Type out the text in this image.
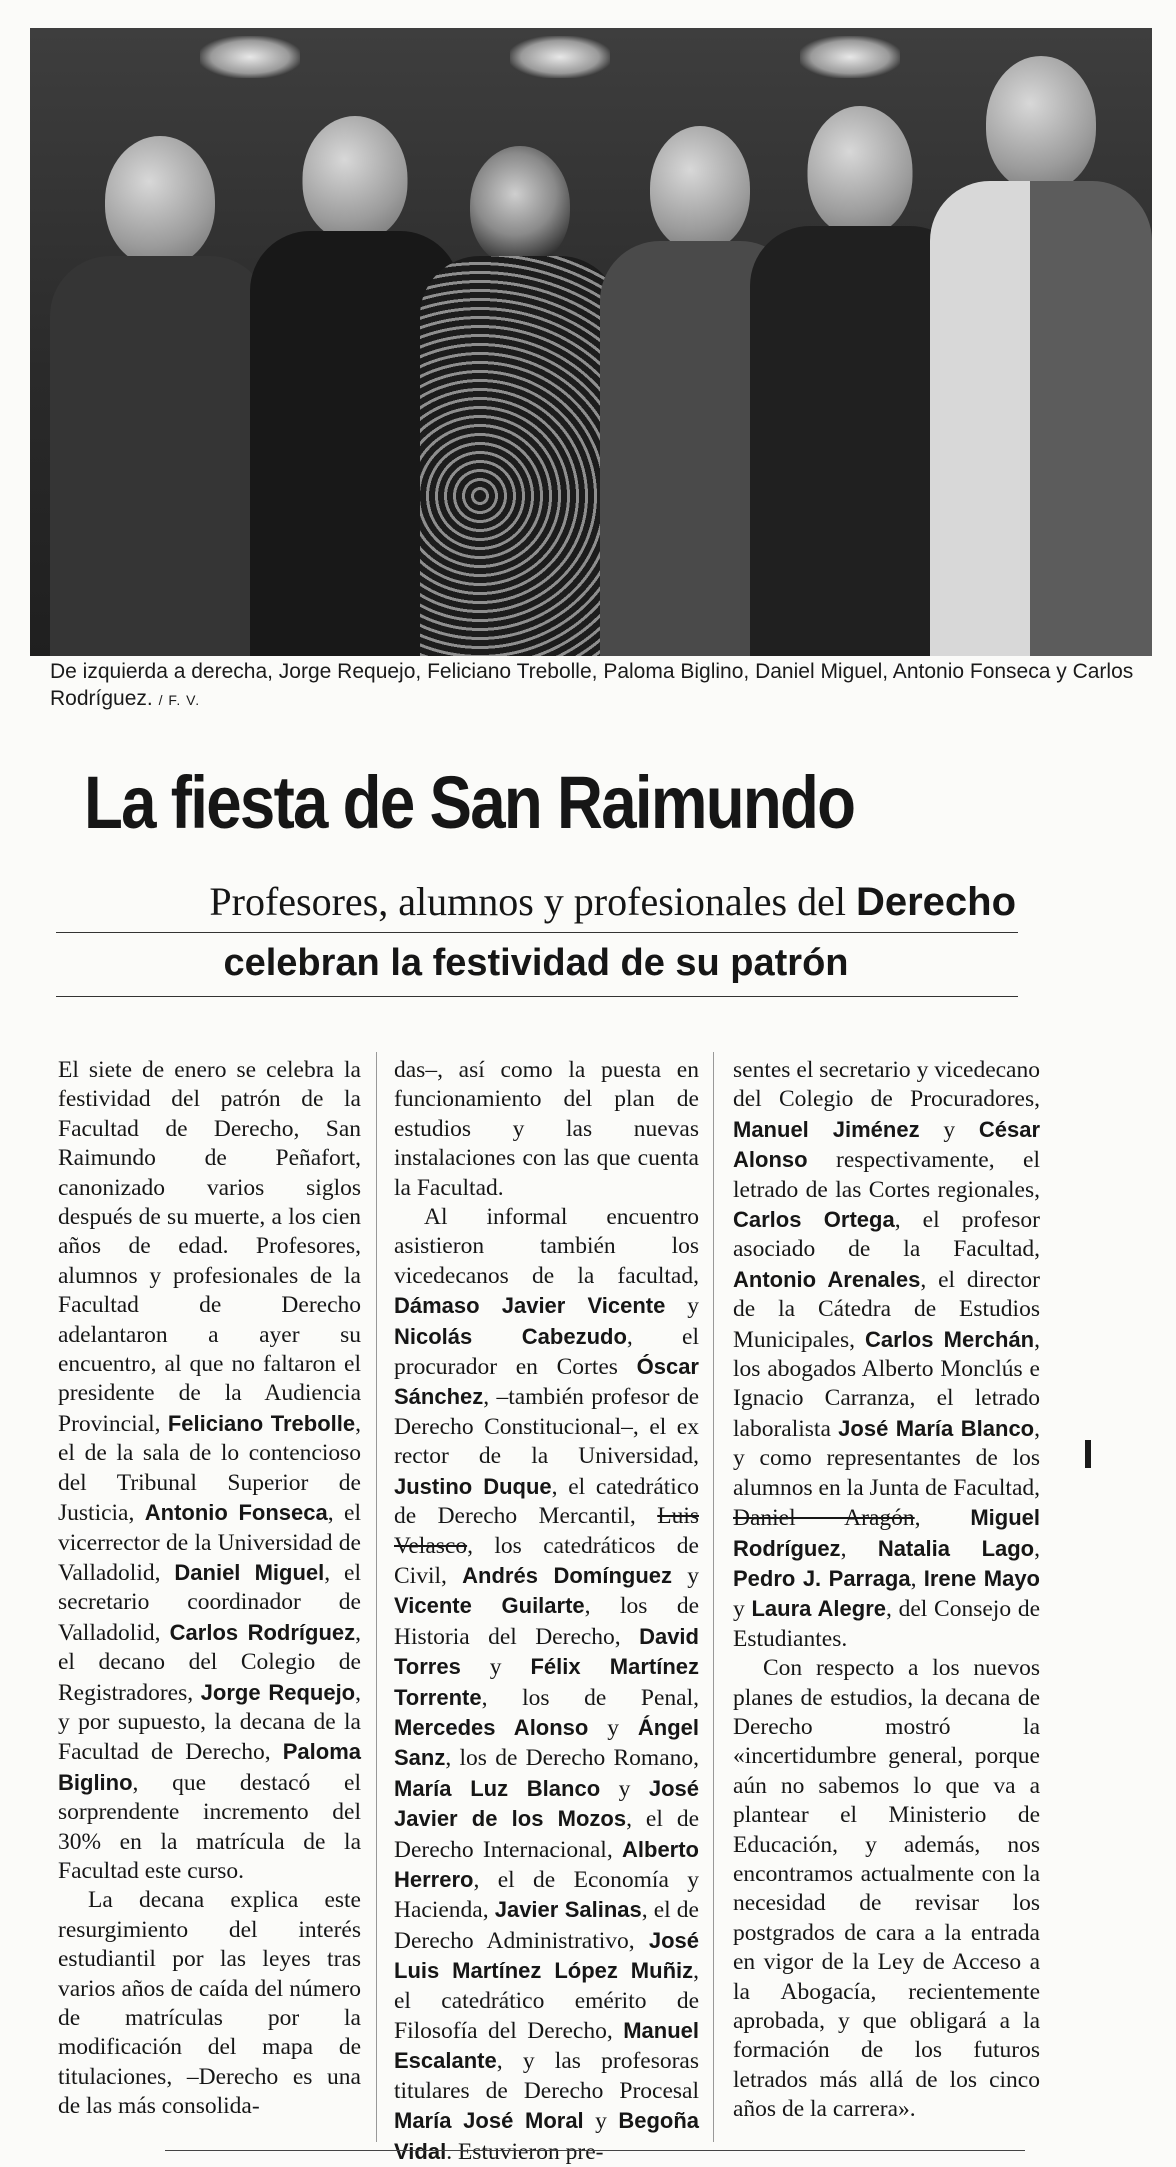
De izquierda a derecha, Jorge Requejo, Feliciano Trebolle, Paloma Biglino, Daniel Miguel, Antonio Fonseca y Carlos Rodríguez. / F. V.
La fiesta de San Raimundo
Profesores, alumnos y profesionales del Derecho
celebran la festividad de su patrón

El siete de enero se celebra la festividad del patrón de la Facultad de Derecho, San Raimundo de Peñafort, canonizado varios siglos después de su muerte, a los cien años de edad. Profesores, alumnos y profesionales de la Facultad de Derecho adelantaron a ayer su encuentro, al que no faltaron el presidente de la Audiencia Provincial, Feliciano Trebolle, el de la sala de lo contencioso del Tribunal Superior de Justicia, Antonio Fonseca, el vicerrector de la Universidad de Valladolid, Daniel Miguel, el secretario coordinador de Valladolid, Carlos Rodríguez, el decano del Colegio de Registradores, Jorge Requejo, y por supuesto, la decana de la Facultad de Derecho, Paloma Biglino, que destacó el sorprendente incremento del 30% en la matrícula de la Facultad este curso.

La decana explica este resurgimiento del interés estudiantil por las leyes tras varios años de caída del número de matrículas por la modificación del mapa de titulaciones, –Derecho es una de las más consolida-

das–, así como la puesta en funcionamiento del plan de estudios y las nuevas instalaciones con las que cuenta la Facultad.

Al informal encuentro asistieron también los vicedecanos de la facultad, Dámaso Javier Vicente y Nicolás Cabezudo, el procurador en Cortes Óscar Sánchez, –también profesor de Derecho Constitucional–, el ex rector de la Universidad, Justino Duque, el catedrático de Derecho Mercantil, Luis Velasco, los catedráticos de Civil, Andrés Domínguez y Vicente Guilarte, los de Historia del Derecho, David Torres y Félix Martínez Torrente, los de Penal, Mercedes Alonso y Ángel Sanz, los de Derecho Romano, María Luz Blanco y José Javier de los Mozos, el de Derecho Internacional, Alberto Herrero, el de Economía y Hacienda, Javier Salinas, el de Derecho Administrativo, José Luis Martínez López Muñiz, el catedrático emérito de Filosofía del Derecho, Manuel Escalante, y las profesoras titulares de Derecho Procesal María José Moral y Begoña Vidal. Estuvieron pre-

sentes el secretario y vicedecano del Colegio de Procuradores, Manuel Jiménez y César Alonso respectivamente, el letrado de las Cortes regionales, Carlos Ortega, el profesor asociado de la Facultad, Antonio Arenales, el director de la Cátedra de Estudios Municipales, Carlos Merchán, los abogados Alberto Monclús e Ignacio Carranza, el letrado laboralista José María Blanco, y como representantes de los alumnos en la Junta de Facultad, Daniel Aragón, Miguel Rodríguez, Natalia Lago, Pedro J. Parraga, Irene Mayo y Laura Alegre, del Consejo de Estudiantes.

Con respecto a los nuevos planes de estudios, la decana de Derecho mostró la «incertidumbre general, porque aún no sabemos lo que va a plantear el Ministerio de Educación, y además, nos encontramos actualmente con la necesidad de revisar los postgrados de cara a la entrada en vigor de la Ley de Acceso a la Abogacía, recientemente aprobada, y que obligará a la formación de los futuros letrados más allá de los cinco años de la carrera».
